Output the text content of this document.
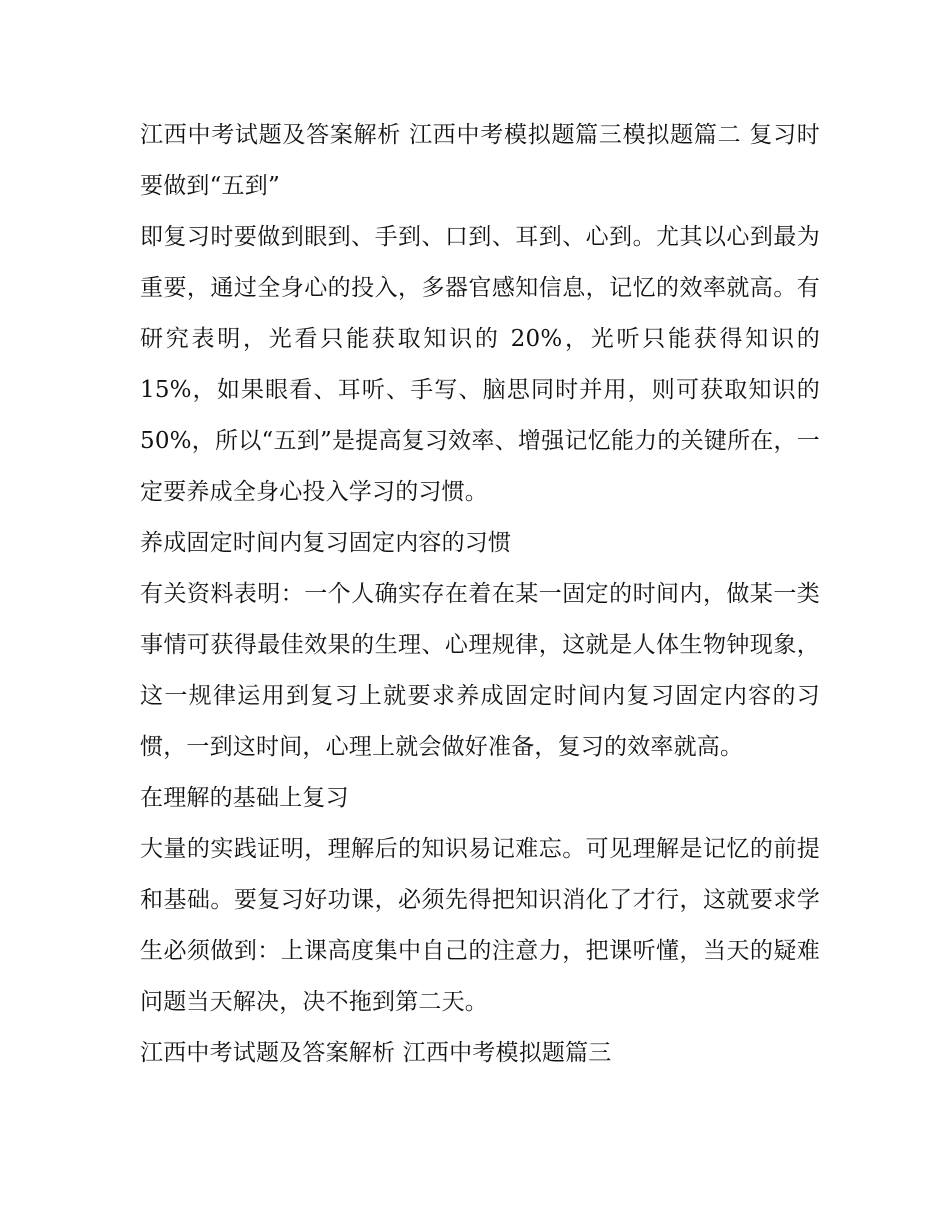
江西中考试题及答案解析 江西中考模拟题篇三模拟题篇二 复习时要做到“五到”

即复习时要做到眼到、手到、口到、耳到、心到。尤其以心到最为重要，通过全身心的投入，多器官感知信息，记忆的效率就高。有研究表明，光看只能获取知识的 20%，光听只能获得知识的 15%，如果眼看、耳听、手写、脑思同时并用，则可获取知识的 50%，所以“五到”是提高复习效率、增强记忆能力的关键所在，一定要养成全身心投入学习的习惯。

养成固定时间内复习固定内容的习惯

有关资料表明：一个人确实存在着在某一固定的时间内，做某一类事情可获得最佳效果的生理、心理规律，这就是人体生物钟现象，这一规律运用到复习上就要求养成固定时间内复习固定内容的习惯，一到这时间，心理上就会做好准备，复习的效率就高。

在理解的基础上复习

大量的实践证明，理解后的知识易记难忘。可见理解是记忆的前提和基础。要复习好功课，必须先得把知识消化了才行，这就要求学生必须做到：上课高度集中自己的注意力，把课听懂，当天的疑难问题当天解决，决不拖到第二天。

江西中考试题及答案解析 江西中考模拟题篇三
